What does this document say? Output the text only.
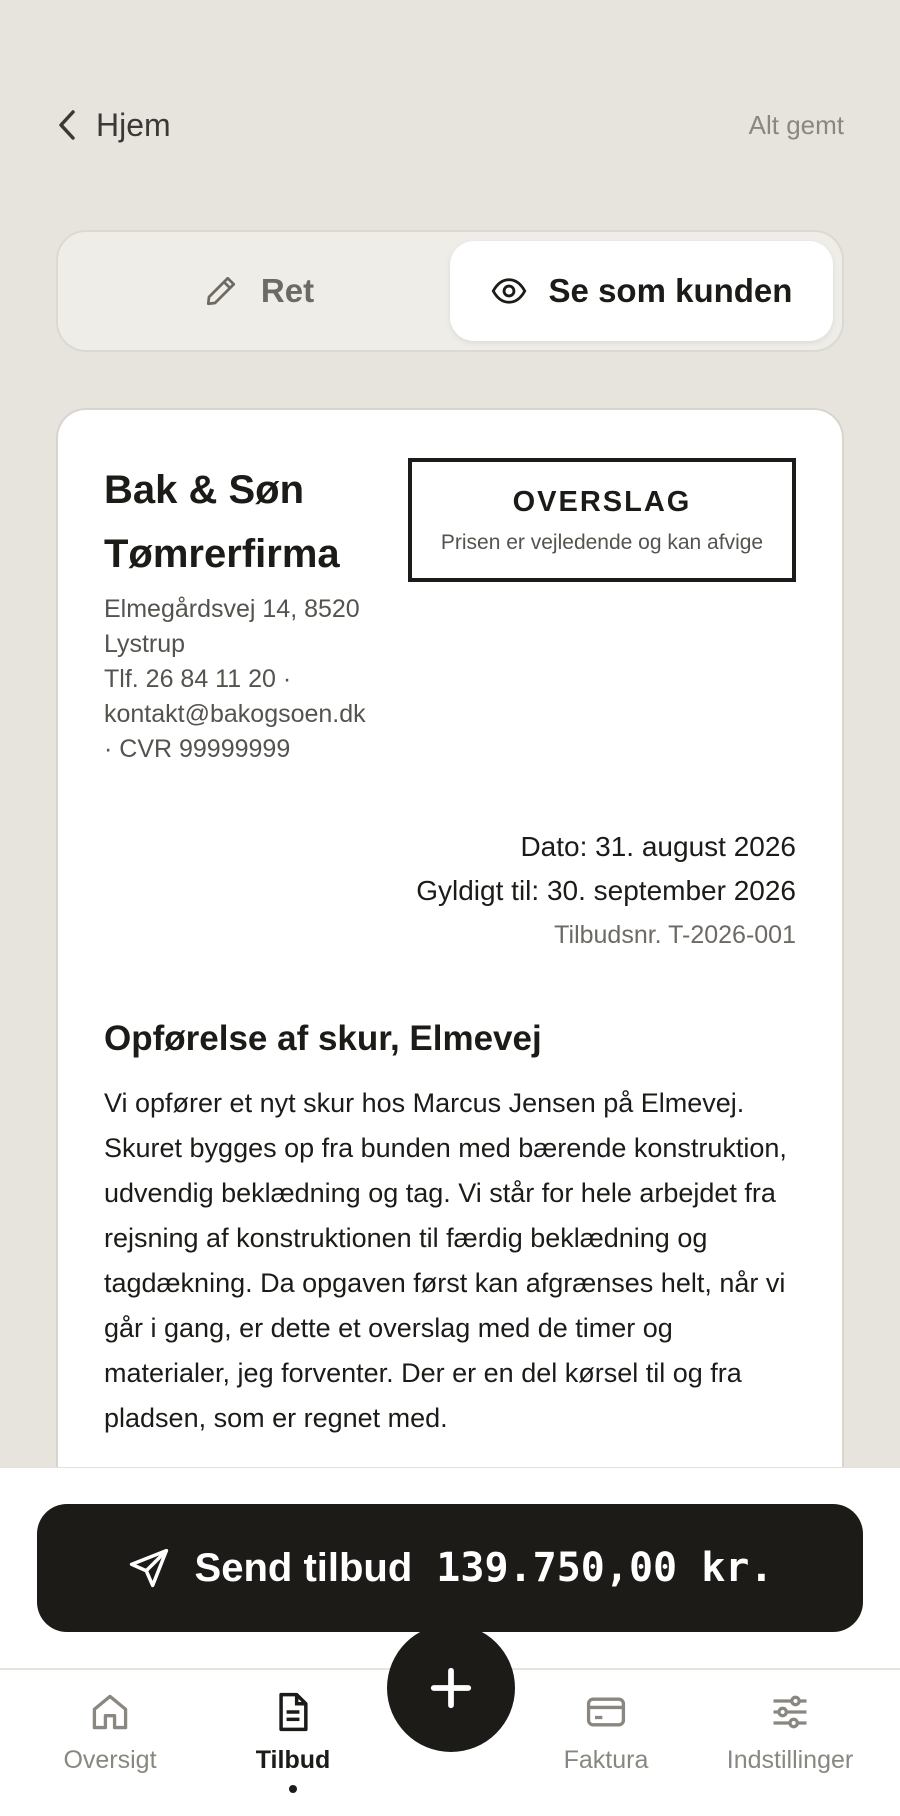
Hjem	Alt gemt
Ret	Se som kunden
Bak & Søn
Tømrerfirma
Elmegårdsvej 14, 8520
Lystrup
Tlf. 26 84 11 20 ·
kontakt@bakogsoen.dk
· CVR 99999999
OVERSLAG
Prisen er vejledende og kan afvige
Dato: 31. august 2026
Gyldigt til: 30. september 2026
Tilbudsnr. T-2026-001
Opførelse af skur, Elmevej
Vi opfører et nyt skur hos Marcus Jensen på Elmevej. Skuret bygges op fra bunden med bærende konstruktion, udvendig beklædning og tag. Vi står for hele arbejdet fra rejsning af konstruktionen til færdig beklædning og tagdækning. Da opgaven først kan afgrænses helt, når vi går i gang, er dette et overslag med de timer og materialer, jeg forventer. Der er en del kørsel til og fra pladsen, som er regnet med.
Send tilbud 139.750,00 kr.
Oversigt	Tilbud	Faktura	Indstillinger
